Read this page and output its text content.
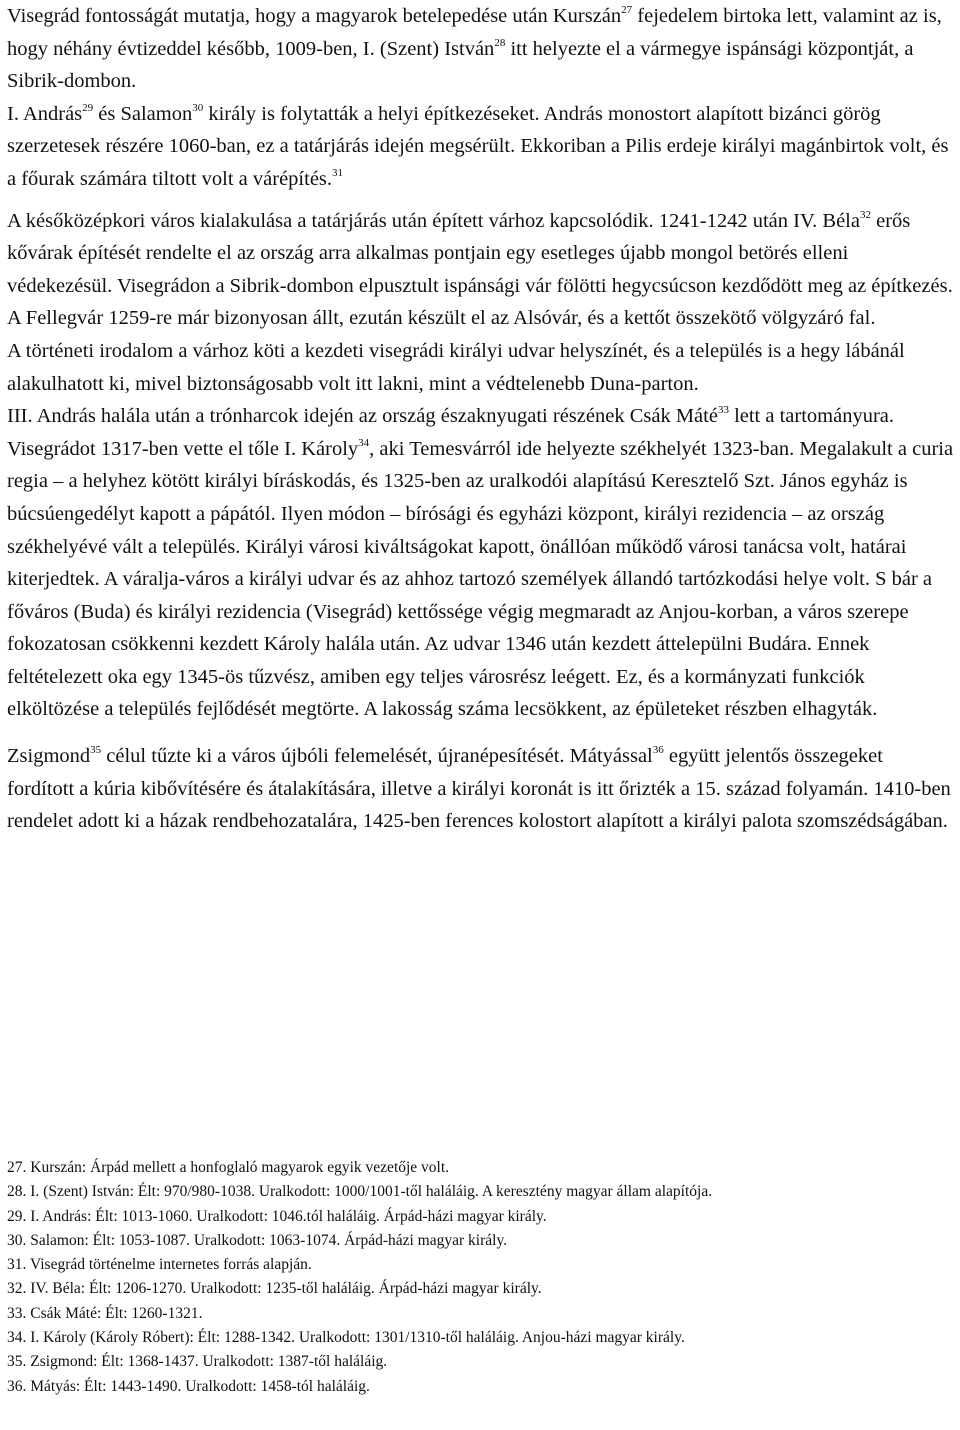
Visegrád fontosságát mutatja, hogy a magyarok betelepedése után Kurszán$^{27}$ fejedelem birtoka lett, valamint az is, hogy néhány évtizeddel később, 1009-ben, I. (Szent) István$^{28}$ itt helyezte el a vármegye ispánsági központját, a Sibrik-dombon.

I. András$^{29}$ és Salamon$^{30}$ király is folytatták a helyi építkezéseket. András monostort alapított bizánci görög szerzetesek részére 1060-ban, ez a tatárjárás idején megsérült. Ekkoriban a Pilis erdeje királyi magánbirtok volt, és a főurak számára tiltott volt a várépítés.$^{31}$

A későközépkori város kialakulása a tatárjárás után épített várhoz kapcsolódik. 1241-1242 után IV. Béla$^{32}$ erős kővárak építését rendelte el az ország arra alkalmas pontjain egy esetleges újabb mongol betörés elleni védekezésül. Visegrádon a Sibrik-dombon elpusztult ispánsági vár fölötti hegycsúcson kezdődött meg az építkezés. A Fellegvár 1259-re már bizonyosan állt, ezután készült el az Alsóvár, és a kettőt összekötő völgyzáró fal.

A történeti irodalom a várhoz köti a kezdeti visegrádi királyi udvar helyszínét, és a település is a hegy lábánál alakulhatott ki, mivel biztonságosabb volt itt lakni, mint a védtelenebb Duna-parton.

III. András halála után a trónharcok idején az ország északnyugati részének Csák Máté$^{33}$ lett a tartományura. Visegrádot 1317-ben vette el tőle I. Károly$^{34}$, aki Temesvárról ide helyezte székhelyét 1323-ban. Megalakult a curia regia – a helyhez kötött királyi bíráskodás, és 1325-ben az uralkodói alapítású Keresztelő Szt. János egyház is búcsúengedélyt kapott a pápától. Ilyen módon – bírósági és egyházi központ, királyi rezidencia – az ország székhelyévé vált a település. Királyi városi kiváltságokat kapott, önállóan működő városi tanácsa volt, határai kiterjedtek. A váralja-város a királyi udvar és az ahhoz tartozó személyek állandó tartózkodási helye volt. S bár a főváros (Buda) és királyi rezidencia (Visegrád) kettőssége végig megmaradt az Anjou-korban, a város szerepe fokozatosan csökkenni kezdett Károly halála után. Az udvar 1346 után kezdett áttelepülni Budára. Ennek feltételezett oka egy 1345-ös tűzvész, amiben egy teljes városrész leégett. Ez, és a kormányzati funkciók elköltözése a település fejlődését megtörte. A lakosság száma lecsökkent, az épületeket részben elhagyták.

Zsigmond$^{35}$ célul tűzte ki a város újbóli felemelését, újranépesítését. Mátyással$^{36}$ együtt jelentős összegeket fordított a kúria kibővítésére és átalakítására, illetve a királyi koronát is itt őrizték a 15. század folyamán. 1410-ben rendelet adott ki a házak rendbehozatalára, 1425-ben ferences kolostort alapított a királyi palota szomszédságában.

27. Kurszán: Árpád mellett a honfoglaló magyarok egyik vezetője volt.

28. I. (Szent) István: Élt: 970/980-1038. Uralkodott: 1000/1001-től haláláig. A keresztény magyar állam alapítója.

29. I. András: Élt: 1013-1060. Uralkodott: 1046.tól haláláig. Árpád-házi magyar király.

30. Salamon: Élt: 1053-1087. Uralkodott: 1063-1074. Árpád-házi magyar király.

31. Visegrád történelme internetes forrás alapján.

32. IV. Béla: Élt: 1206-1270. Uralkodott: 1235-től haláláig. Árpád-házi magyar király.

33. Csák Máté: Élt: 1260-1321.

34. I. Károly (Károly Róbert): Élt: 1288-1342. Uralkodott: 1301/1310-től haláláig. Anjou-házi magyar király.

35. Zsigmond: Élt: 1368-1437. Uralkodott: 1387-től haláláig.

36. Mátyás: Élt: 1443-1490. Uralkodott: 1458-tól haláláig.
